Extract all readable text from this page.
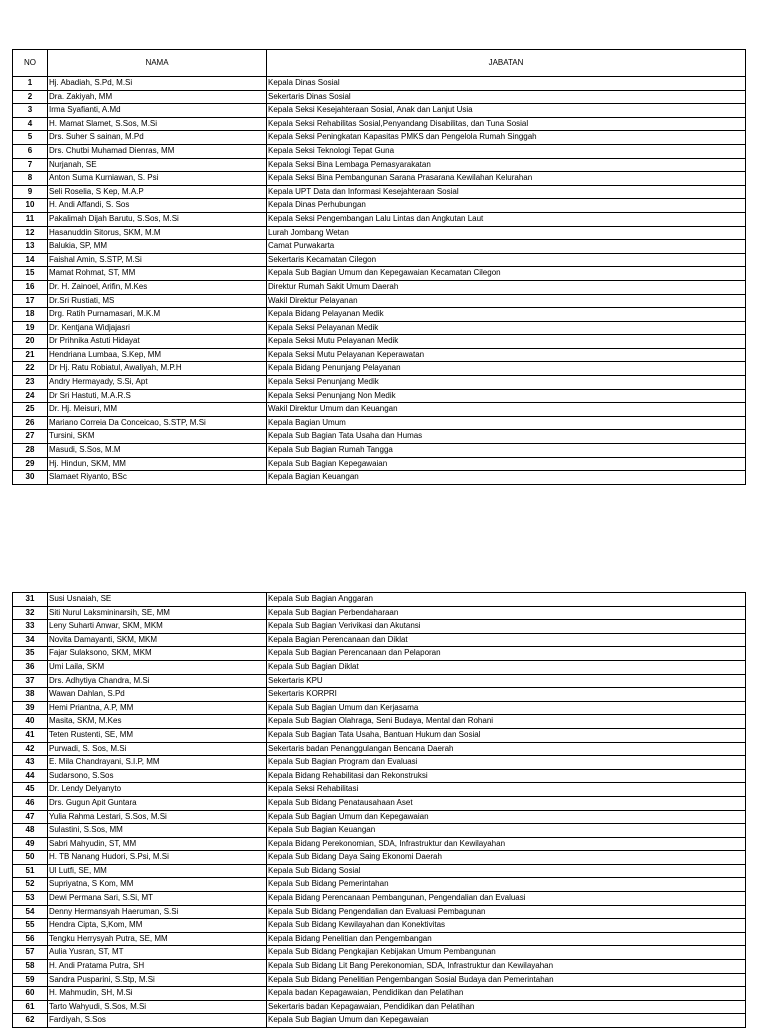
NO	NAMA	JABATAN
1	Hj. Abadiah, S.Pd, M.Si	Kepala Dinas Sosial
2	Dra. Zakiyah, MM	Sekertaris Dinas Sosial
3	Irma Syafianti, A.Md	Kepala Seksi Kesejahteraan Sosial, Anak dan Lanjut Usia
4	H. Mamat Slamet, S.Sos, M.Si	Kepala Seksi Rehabilitas Sosial,Penyandang Disabilitas, dan Tuna Sosial
5	Drs. Suher S sainan, M.Pd	Kepala Seksi Peningkatan Kapasitas PMKS dan Pengelola Rumah Singgah
6	Drs. Chutbi Muhamad Dienras, MM	Kepala Seksi Teknologi Tepat Guna
7	Nurjanah, SE	Kepala Seksi Bina Lembaga Pemasyarakatan
8	Anton Suma Kurniawan, S. Psi	Kepala Seksi Bina Pembangunan Sarana Prasarana Kewilahan Kelurahan
9	Seli Roselia, S Kep, M.A.P	Kepala UPT Data dan Informasi Kesejahteraan Sosial
10	H. Andi Affandi, S. Sos	Kepala Dinas Perhubungan
11	Pakalimah Dijah Barutu, S.Sos, M.Si	Kepala Seksi Pengembangan Lalu Lintas dan Angkutan Laut
12	Hasanuddin Sitorus, SKM, M.M	Lurah Jombang Wetan
13	Balukia, SP, MM	Camat Purwakarta
14	Faishal Amin, S.STP, M.Si	Sekertaris Kecamatan Cilegon
15	Mamat Rohmat, ST, MM	Kepala Sub Bagian Umum dan Kepegawaian Kecamatan Cilegon
16	Dr. H. Zainoel, Arifin, M.Kes	Direktur Rumah Sakit Umum Daerah
17	Dr.Sri Rustiati, MS	Wakil Direktur Pelayanan
18	Drg. Ratih Purnamasari, M.K.M	Kepala Bidang Pelayanan Medik
19	Dr. Kentjana Widjajasri	Kepala Seksi Pelayanan Medik
20	Dr Prihnika Astuti Hidayat	Kepala Seksi Mutu Pelayanan Medik
21	Hendriana Lumbaa, S.Kep, MM	Kepala Seksi Mutu Pelayanan Keperawatan
22	Dr Hj. Ratu Robiatul, Awaliyah, M.P.H	Kepala Bidang Penunjang Pelayanan
23	Andry Hermayady, S.Si, Apt	Kepala Seksi Penunjang Medik
24	Dr Sri Hastuti, M.A.R.S	Kepala Seksi Penunjang Non Medik
25	Dr. Hj. Meisuri, MM	Wakil Direktur Umum dan Keuangan
26	Mariano Correia Da Conceicao, S.STP, M.Si	Kepala Bagian Umum
27	Tursini, SKM	Kepala Sub Bagian Tata Usaha dan Humas
28	Masudi, S.Sos, M.M	Kepala Sub Bagian Rumah Tangga
29	Hj. Hindun, SKM, MM	Kepala Sub Bagian Kepegawaian
30	Slamaet Riyanto, BSc	Kepala Bagian Keuangan
31	Susi Usnaiah, SE	Kepala Sub Bagian Anggaran
32	Siti Nurul Laksmininarsih, SE, MM	Kepala Sub Bagian Perbendaharaan
33	Leny Suharti Anwar, SKM, MKM	Kepala Sub Bagian Verivikasi dan Akutansi
34	Novita Damayanti, SKM, MKM	Kepala Bagian Perencanaan dan Diklat
35	Fajar Sulaksono, SKM, MKM	Kepala Sub Bagian Perencanaan dan Pelaporan
36	Umi Laila, SKM	Kepala Sub Bagian Diklat
37	Drs. Adhytiya Chandra, M.Si	Sekertaris KPU
38	Wawan Dahlan, S.Pd	Sekertaris KORPRI
39	Hemi Priantna, A.P, MM	Kepala Sub Bagian Umum dan Kerjasama
40	Masita, SKM, M.Kes	Kepala Sub Bagian Olahraga, Seni Budaya, Mental dan Rohani
41	Teten Rustenti, SE, MM	Kepala Sub Bagian Tata Usaha, Bantuan Hukum dan Sosial
42	Purwadi, S. Sos, M.Si	Sekertaris badan Penanggulangan Bencana Daerah
43	E. Mila Chandrayani, S.I.P, MM	Kepala Sub Bagian Program dan Evaluasi
44	Sudarsono, S.Sos	Kepala Bidang Rehabilitasi dan Rekonstruksi
45	Dr. Lendy Delyanyto	Kepala Seksi Rehabilitasi
46	Drs. Gugun Apit Guntara	Kepala Sub Bidang Penatausahaan Aset
47	Yulia Rahma Lestari, S.Sos, M.Si	Kepala Sub Bagian Umum dan Kepegawaian
48	Sulastini, S.Sos, MM	Kepala Sub Bagian Keuangan
49	Sabri Mahyudin, ST, MM	Kepala Bidang Perekonomian, SDA, Infrastruktur dan Kewilayahan
50	H. TB Nanang Hudori, S.Psi, M.Si	Kepala Sub Bidang Daya Saing Ekonomi Daerah
51	Ul Lutfi, SE, MM	Kepala Sub Bidang Sosial
52	Supriyatna, S Kom, MM	Kepala Sub Bidang Pemerintahan
53	Dewi Permana Sari, S.Si, MT	Kepala Bidang Perencanaan Pembangunan, Pengendalian dan Evaluasi
54	Denny Hermansyah Haeruman, S.Si	Kepala Sub Bidang Pengendalian dan Evaluasi Pembagunan
55	Hendra Cipta, S,Kom, MM	Kepala Sub Bidang Kewilayahan dan Konektivitas
56	Tengku Herrysyah Putra, SE, MM	Kepala Bidang Penelitian dan Pengembangan
57	Aulia Yusran, ST, MT	Kepala Sub Bidang Pengkajian Kebijakan Umum Pembangunan
58	H. Andi Pratama Putra, SH	Kepala Sub Bidang Lit Bang Perekonomian, SDA, Infrastruktur dan Kewilayahan
59	Sandra Pusparini, S.Stp, M.Si	Kepala Sub Bidang Penelitian Pengembangan Sosial Budaya dan Pemerintahan
60	H. Mahmudin, SH, M.Si	Kepala badan Kepagawaian, Pendidikan dan Pelatihan
61	Tarto Wahyudi, S.Sos, M.Si	Sekertaris badan Kepagawaian, Pendidikan dan Pelatihan
62	Fardiyah, S.Sos	Kepala Sub Bagian Umum dan Kepegawaian
